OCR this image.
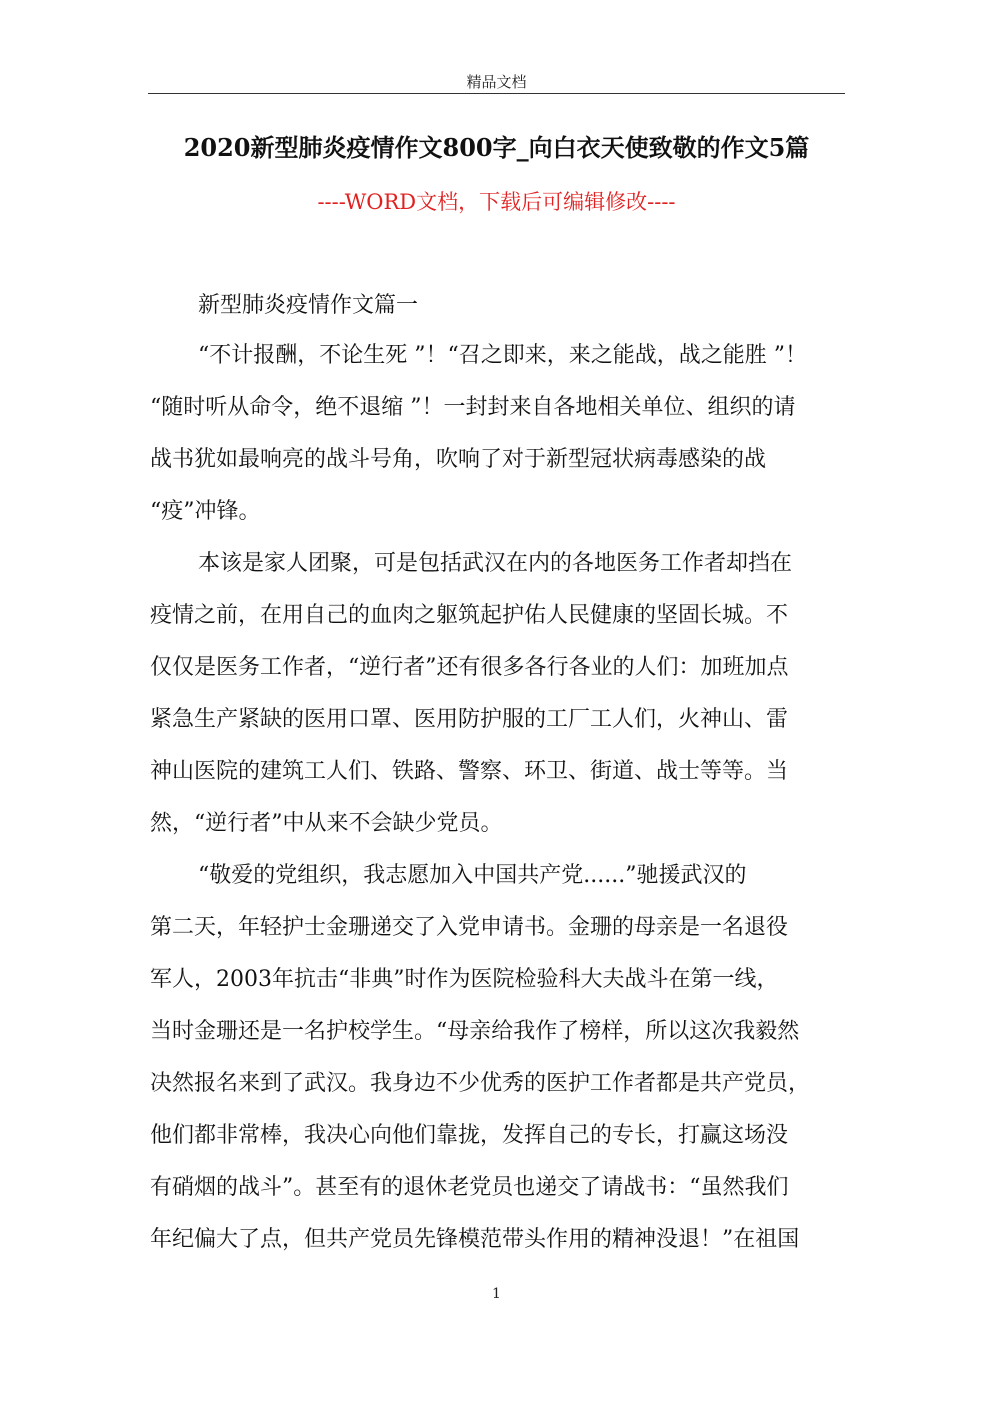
精品文档
2020新型肺炎疫情作文800字_向白衣天使致敬的作文5篇
----WORD文档，下载后可编辑修改----
新型肺炎疫情作文篇一
“不计报酬，不论生死 ”！“召之即来，来之能战，战之能胜 ”！
“随时听从命令，绝不退缩 ”！一封封来自各地相关单位、组织的请
战书犹如最响亮的战斗号角，吹响了对于新型冠状病毒感染的战
“疫”冲锋。
本该是家人团聚，可是包括武汉在内的各地医务工作者却挡在
疫情之前，在用自己的血肉之躯筑起护佑人民健康的坚固长城。不
仅仅是医务工作者，“逆行者”还有很多各行各业的人们：加班加点
紧急生产紧缺的医用口罩、医用防护服的工厂工人们，火神山、雷
神山医院的建筑工人们、铁路、警察、环卫、街道、战士等等。当
然，“逆行者”中从来不会缺少党员。
“敬爱的党组织，我志愿加入中国共产党......”驰援武汉的
第二天，年轻护士金珊递交了入党申请书。金珊的母亲是一名退役
军人，2003年抗击“非典”时作为医院检验科大夫战斗在第一线，
当时金珊还是一名护校学生。“母亲给我作了榜样，所以这次我毅然
决然报名来到了武汉。我身边不少优秀的医护工作者都是共产党员，
他们都非常棒，我决心向他们靠拢，发挥自己的专长，打赢这场没
有硝烟的战斗”。甚至有的退休老党员也递交了请战书：“虽然我们
年纪偏大了点，但共产党员先锋模范带头作用的精神没退！”在祖国
1
